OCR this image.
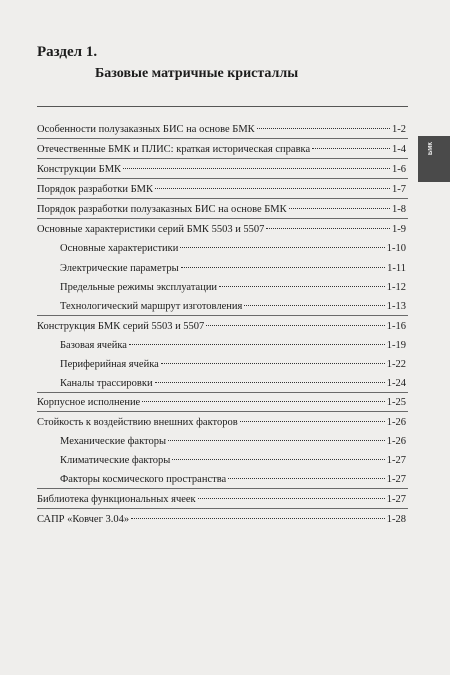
Раздел 1.
Базовые матричные кристаллы
БМК
Особенности полузаказных БИС на основе БМК	1-2
Отечественные БМК и ПЛИС: краткая историческая справка	1-4
Конструкции БМК	1-6
Порядок разработки БМК	1-7
Порядок разработки полузаказных БИС на основе БМК	1-8
Основные характеристики серий БМК 5503 и 5507	1-9
Основные характеристики	1-10
Электрические параметры	1-11
Предельные режимы эксплуатации	1-12
Технологический маршрут изготовления	1-13
Конструкция БМК серий 5503 и 5507	1-16
Базовая ячейка	1-19
Периферийная ячейка	1-22
Каналы трассировки	1-24
Корпусное исполнение	1-25
Стойкость к воздействию внешних факторов	1-26
Механические факторы	1-26
Климатические факторы	1-27
Факторы космического пространства	1-27
Библиотека функциональных ячеек	1-27
САПР «Ковчег 3.04»	1-28
